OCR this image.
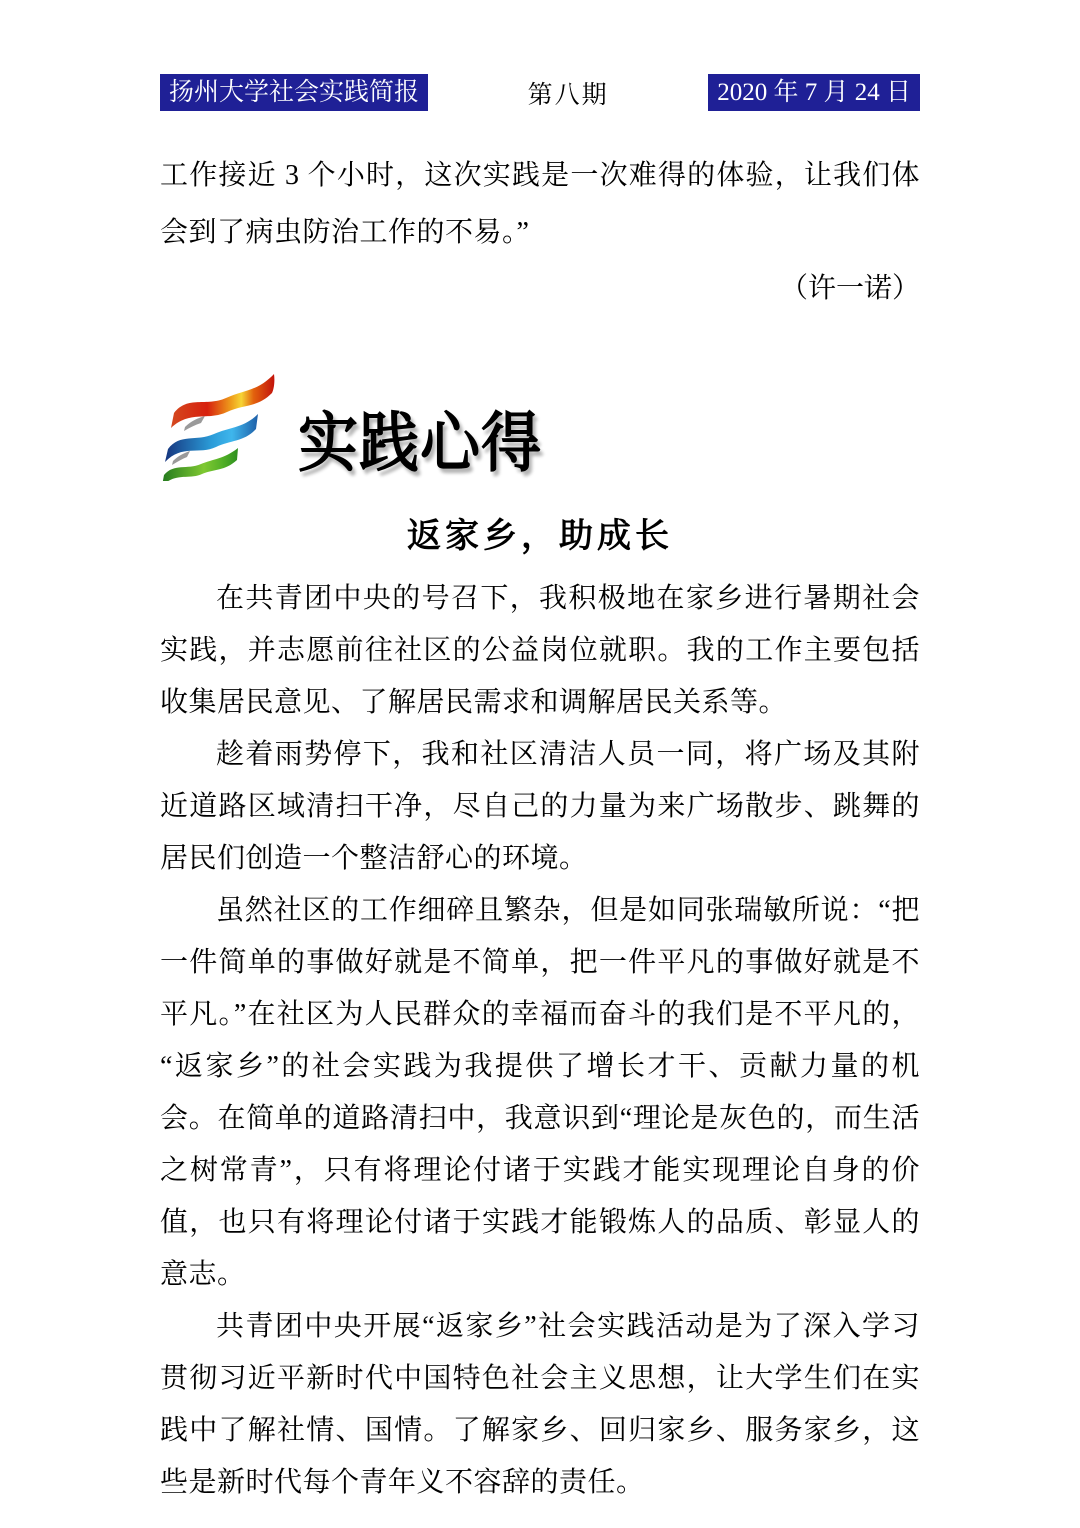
扬州大学社会实践简报	第八期	2020 年 7 月 24 日
工作接近 3 个小时，这次实践是一次难得的体验，让我们体会到了病虫防治工作的不易。”
（许一诺）
实践心得
返家乡，助成长

在共青团中央的号召下，我积极地在家乡进行暑期社会实践，并志愿前往社区的公益岗位就职。我的工作主要包括收集居民意见、了解居民需求和调解居民关系等。

趁着雨势停下，我和社区清洁人员一同，将广场及其附近道路区域清扫干净，尽自己的力量为来广场散步、跳舞的居民们创造一个整洁舒心的环境。

虽然社区的工作细碎且繁杂，但是如同张瑞敏所说：“把一件简单的事做好就是不简单，把一件平凡的事做好就是不平凡。”在社区为人民群众的幸福而奋斗的我们是不平凡的，“返家乡”的社会实践为我提供了增长才干、贡献力量的机会。在简单的道路清扫中，我意识到“理论是灰色的，而生活之树常青”，只有将理论付诸于实践才能实现理论自身的价值，也只有将理论付诸于实践才能锻炼人的品质、彰显人的意志。

共青团中央开展“返家乡”社会实践活动是为了深入学习贯彻习近平新时代中国特色社会主义思想，让大学生们在实践中了解社情、国情。了解家乡、回归家乡、服务家乡，这些是新时代每个青年义不容辞的责任。
